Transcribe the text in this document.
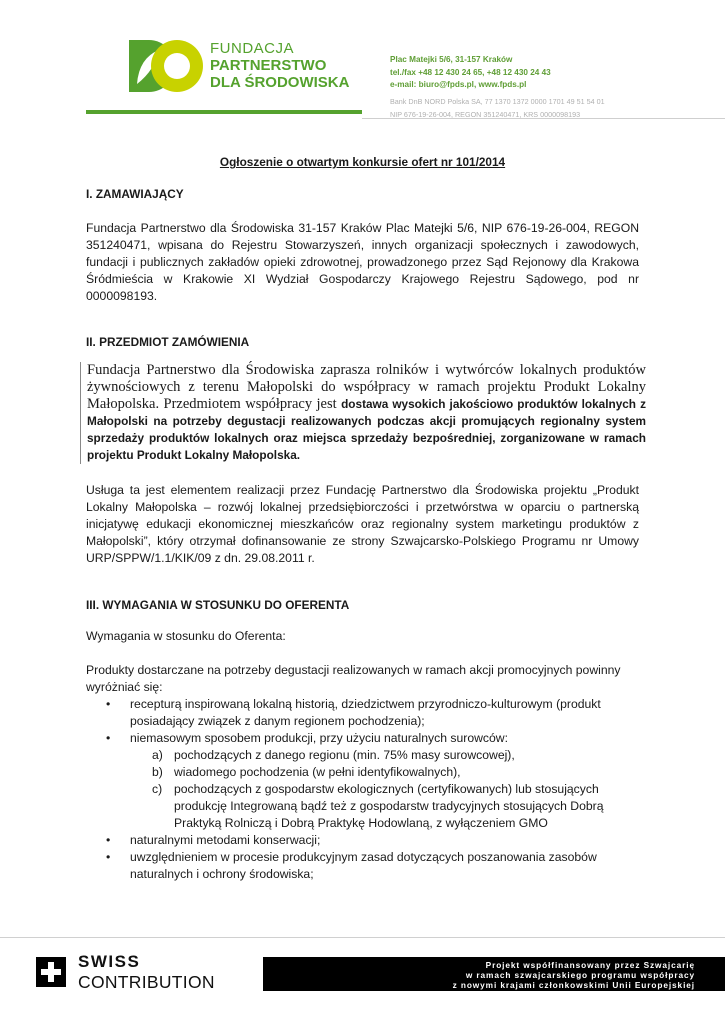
FUNDACJA
PARTNERSTWO
DLA ŚRODOWISKA
Plac Matejki 5/6, 31-157 Kraków
tel./fax +48 12 430 24 65, +48 12 430 24 43
e-mail: biuro@fpds.pl, www.fpds.pl
Bank DnB NORD Polska SA, 77 1370 1372 0000 1701 49 51 54 01
NIP 676-19-26-004, REGON 351240471, KRS 0000098193
Ogłoszenie o otwartym konkursie ofert nr 101/2014
I. ZAMAWIAJĄCY
Fundacja Partnerstwo dla Środowiska 31-157 Kraków Plac Matejki 5/6, NIP 676-19-26-004, REGON 351240471, wpisana do Rejestru Stowarzyszeń, innych organizacji społecznych i zawodowych, fundacji i publicznych zakładów opieki zdrowotnej, prowadzonego przez Sąd Rejonowy dla Krakowa Śródmieścia w Krakowie XI Wydział Gospodarczy Krajowego Rejestru Sądowego, pod nr 0000098193.
II. PRZEDMIOT ZAMÓWIENIA
Fundacja Partnerstwo dla Środowiska zaprasza rolników i wytwórców lokalnych produktów żywnościowych z terenu Małopolski do współpracy w ramach projektu Produkt Lokalny Małopolska. Przedmiotem współpracy jest dostawa wysokich jakościowo produktów lokalnych z Małopolski na potrzeby degustacji realizowanych podczas akcji promujących regionalny system sprzedaży produktów lokalnych oraz miejsca sprzedaży bezpośredniej, zorganizowane w ramach projektu Produkt Lokalny Małopolska.
Usługa ta jest elementem realizacji przez Fundację Partnerstwo dla Środowiska projektu „Produkt Lokalny Małopolska – rozwój lokalnej przedsiębiorczości i przetwórstwa w oparciu o partnerską inicjatywę edukacji ekonomicznej mieszkańców oraz regionalny system marketingu produktów z Małopolski”, który otrzymał dofinansowanie ze strony Szwajcarsko-Polskiego Programu nr Umowy URP/SPPW/1.1/KIK/09 z dn. 29.08.2011 r.
III. WYMAGANIA W STOSUNKU DO OFERENTA
Wymagania w stosunku do Oferenta:
Produkty dostarczane na potrzeby degustacji realizowanych w ramach akcji promocyjnych powinny wyróżniać się:
• recepturą inspirowaną lokalną historią, dziedzictwem przyrodniczo-kulturowym (produkt posiadający związek z danym regionem pochodzenia);
• niemasowym sposobem produkcji, przy użyciu naturalnych surowców:
a) pochodzących z danego regionu (min. 75% masy surowcowej),
b) wiadomego pochodzenia (w pełni identyfikowalnych),
c) pochodzących z gospodarstw ekologicznych (certyfikowanych) lub stosujących produkcję Integrowaną bądź też z gospodarstw tradycyjnych stosujących Dobrą Praktyką Rolniczą i Dobrą Praktykę Hodowlaną, z wyłączeniem GMO
• naturalnymi metodami konserwacji;
• uwzględnieniem w procesie produkcyjnym zasad dotyczących poszanowania zasobów naturalnych i ochrony środowiska;
SWISS
CONTRIBUTION
Projekt współfinansowany przez Szwajcarię
w ramach szwajcarskiego programu współpracy
z nowymi krajami członkowskimi Unii Europejskiej
